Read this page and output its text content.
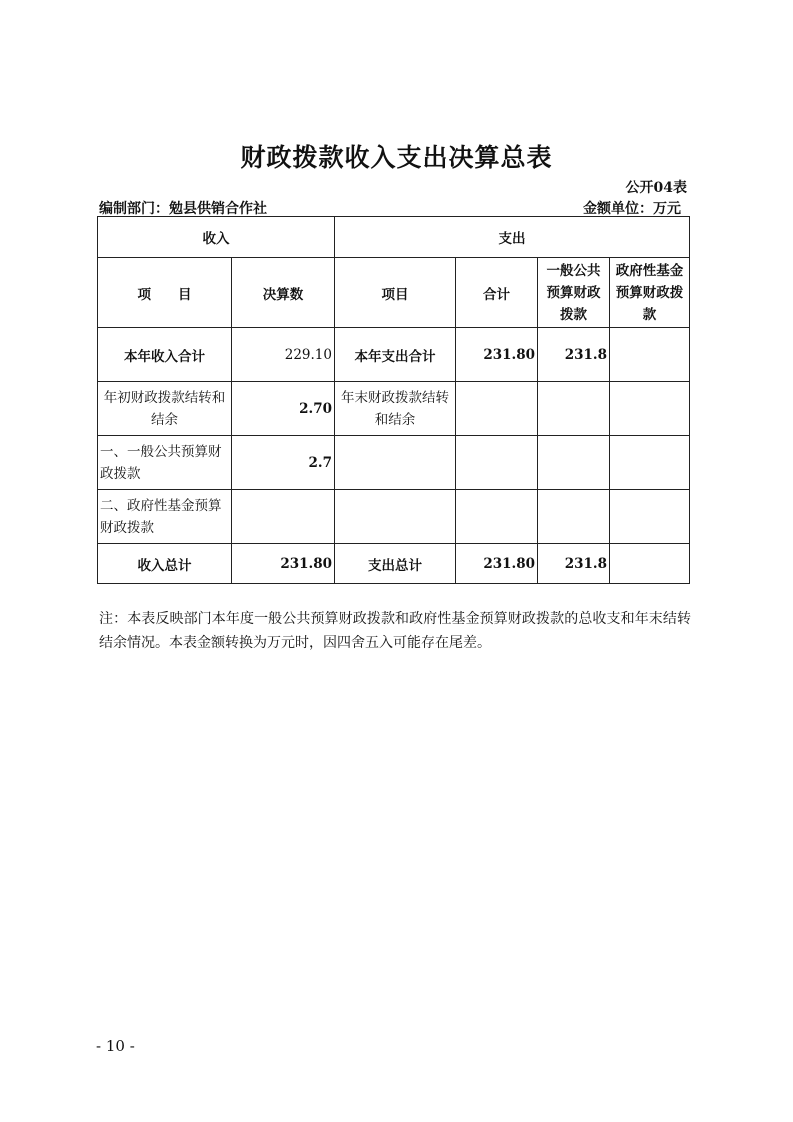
财政拨款收入支出决算总表
公开04表
编制部门：勉县供销合作社	金额单位：万元
收入		支出			
项　　目	决算数	项目	合计	一般公共预算财政拨款	政府性基金预算财政拨款
本年收入合计	229.10	本年支出合计	231.80	231.8	
年初财政拨款结转和结余	2.70	年末财政拨款结转和结余			
一、一般公共预算财政拨款	2.7				
二、政府性基金预算财政拨款					
收入总计	231.80	支出总计	231.80	231.8	
注：本表反映部门本年度一般公共预算财政拨款和政府性基金预算财政拨款的总收支和年末结转结余情况。本表金额转换为万元时，因四舍五入可能存在尾差。
- 10 -
